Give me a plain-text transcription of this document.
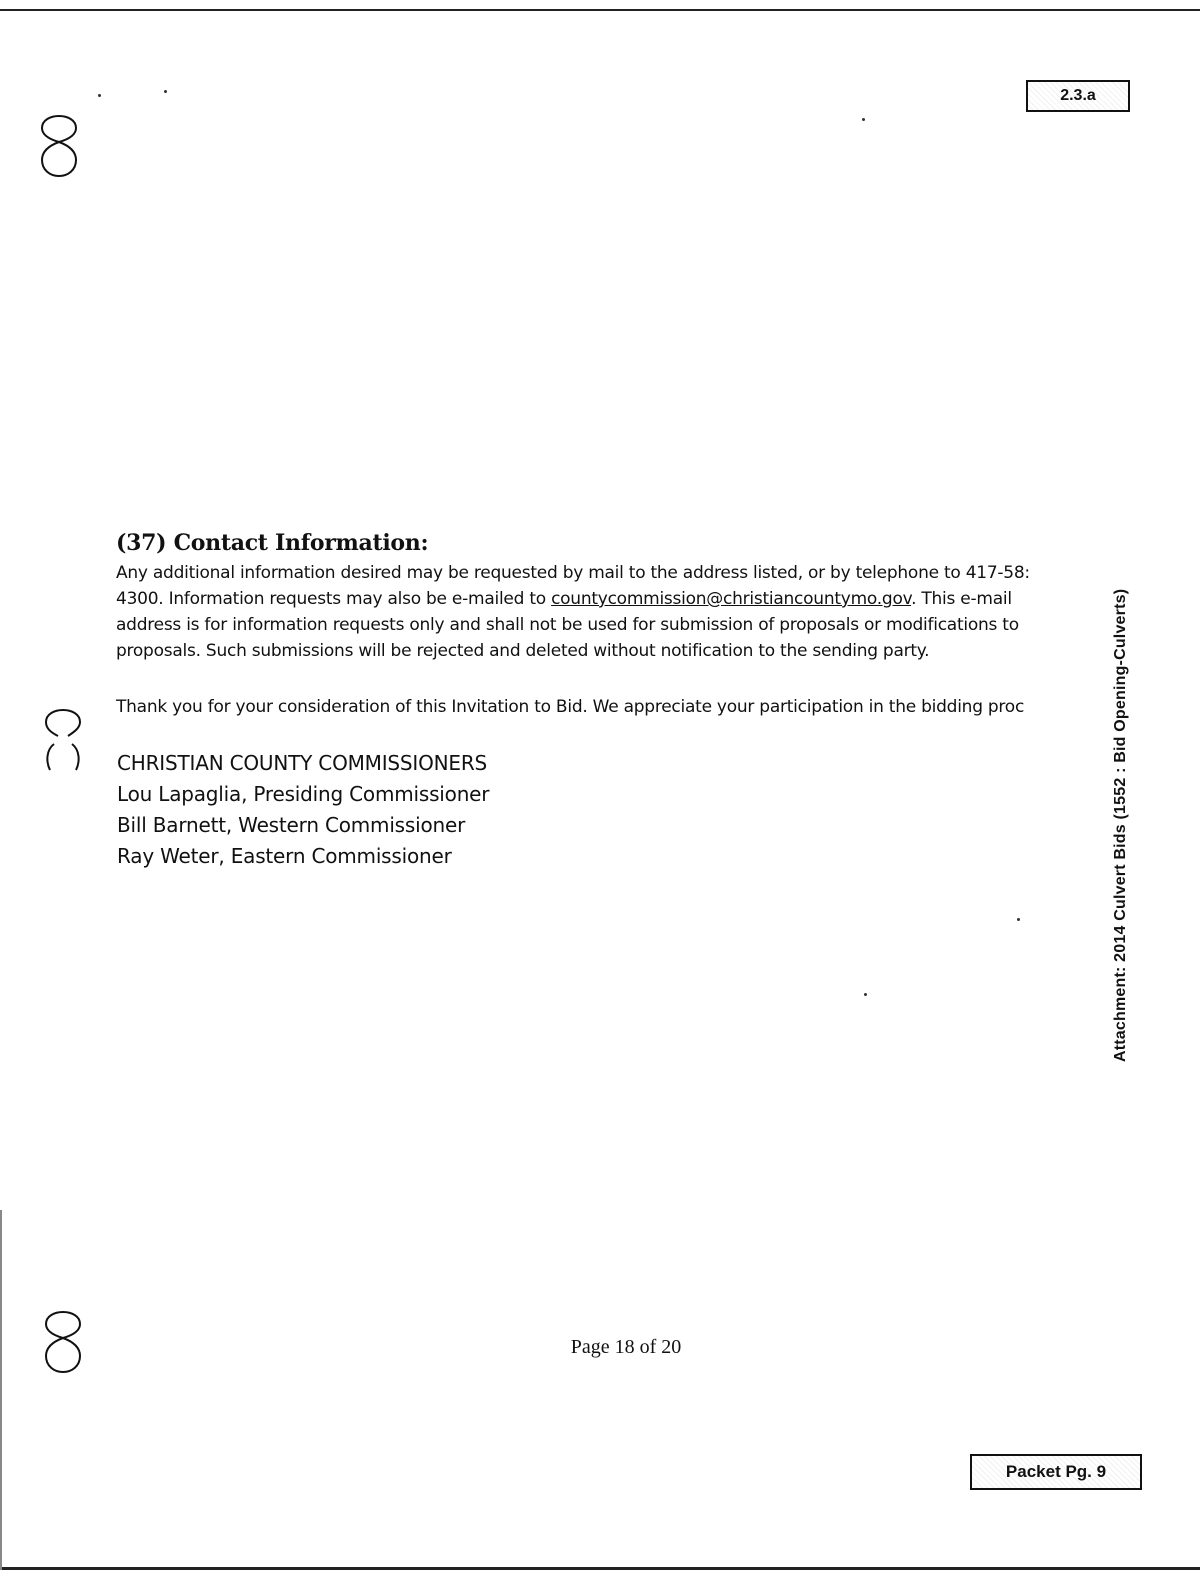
2.3.a
Attachment: 2014 Culvert Bids (1552 : Bid Opening-Culverts)
(37) Contact Information:
Any additional information desired may be requested by mail to the address listed, or by telephone to 417-58:
4300. Information requests may also be e-mailed to countycommission@christiancountymo.gov. This e-mail
address is for information requests only and shall not be used for submission of proposals or modifications to
proposals. Such submissions will be rejected and deleted without notification to the sending party.
Thank you for your consideration of this Invitation to Bid. We appreciate your participation in the bidding proc
CHRISTIAN COUNTY COMMISSIONERS
Lou Lapaglia, Presiding Commissioner
Bill Barnett, Western Commissioner
Ray Weter, Eastern Commissioner
Page 18 of 20
Packet Pg. 9
